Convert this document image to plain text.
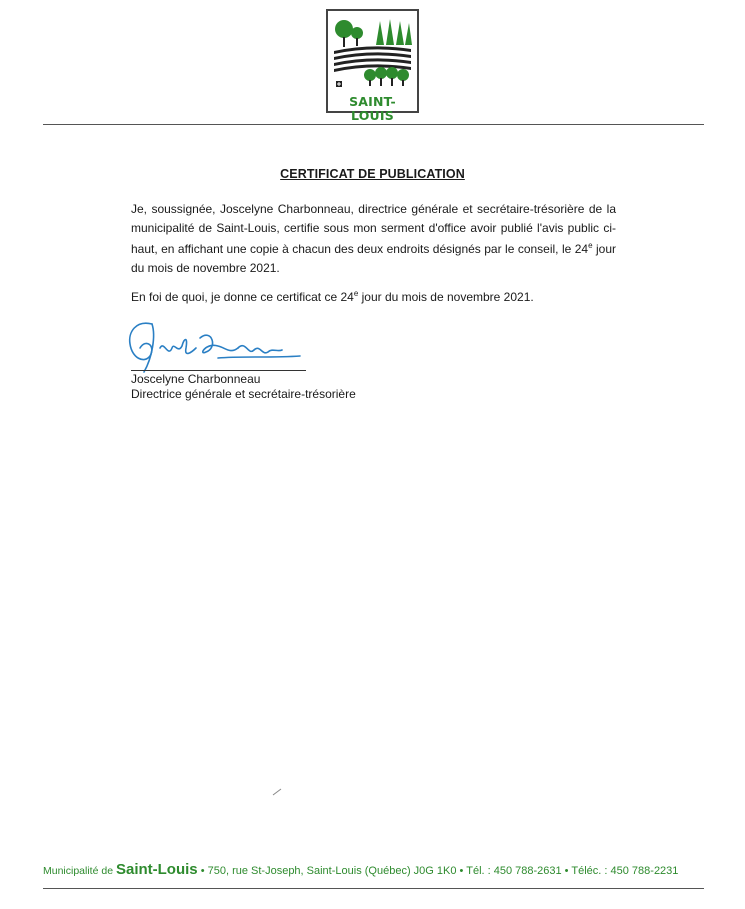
SAINT-LOUIS
CERTIFICAT DE PUBLICATION
Je, soussignée, Joscelyne Charbonneau, directrice générale et secrétaire-trésorière de la municipalité de Saint-Louis, certifie sous mon serment d'office avoir publié l'avis public ci-haut, en affichant une copie à chacun des deux endroits désignés par le conseil, le 24e jour du mois de novembre 2021.
En foi de quoi, je donne ce certificat ce 24e jour du mois de novembre 2021.
Joscelyne Charbonneau
Directrice générale et secrétaire-trésorière
Municipalité de Saint-Louis • 750, rue St-Joseph, Saint-Louis (Québec) J0G 1K0 • Tél. : 450 788-2631 • Téléc. : 450 788-2231
